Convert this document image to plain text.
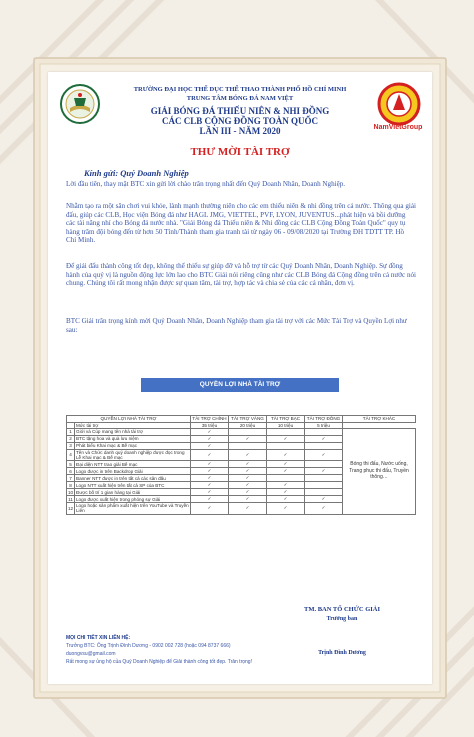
NamVietGroup
TRƯỜNG ĐẠI HỌC THỂ DỤC THỂ THAO THÀNH PHỐ HỒ CHÍ MINH
TRUNG TÂM BÓNG ĐÁ NAM VIỆT
GIẢI BÓNG ĐÁ THIẾU NIÊN & NHI ĐỒNG
CÁC CLB CỘNG ĐỒNG TOÀN QUỐC
LẦN III - NĂM 2020
THƯ MỜI TÀI TRỢ
Kính gửi: Quý Doanh Nghiệp
Lời đầu tiên, thay mặt BTC xin gửi lời chào trân trọng nhất đến Quý Doanh Nhân, Doanh Nghiệp.
Nhằm tạo ra một sân chơi vui khỏe, lành mạnh thường niên cho các em thiếu niên & nhi đồng trên cả nước. Thông qua giải đấu, giúp các CLB, Học viện Bóng đá như HAGL JMG, VIETTEL, PVF, LYON, JUVENTUS...phát hiện và bồi dưỡng các tài năng nhí cho Bóng đá nước nhà. "Giải Bóng đá Thiếu niên & Nhi đồng các CLB Cộng Đồng Toàn Quốc" quy tụ hàng trăm đội bóng đến từ hơn 50 Tỉnh/Thành tham gia tranh tài từ ngày 06 - 09/08/2020 tại Trường ĐH TDTT TP. Hồ Chí Minh.
Để giải đấu thành công tốt đẹp, không thể thiếu sự giúp đỡ và hỗ trợ từ các Quý Doanh Nhân, Doanh Nghiệp. Sự đồng hành của quý vị là nguồn động lực lớn lao cho BTC Giải nói riêng cũng như các CLB Bóng đá Cộng đồng trên cả nước nói chung. Chúng tôi rất mong nhận được sự quan tâm, tài trợ, hợp tác và chia sẻ của các cá nhân, đơn vị.
BTC Giải trân trọng kính mời Quý Doanh Nhân, Doanh Nghiệp tham gia tài trợ với các Mức Tài Trợ và Quyền Lợi như sau:
QUYỀN LỢI NHÀ TÀI TRỢ
QUYỀN LỢI NHÀ TÀI TRỢ		TÀI TRỢ CHÍNH	TÀI TRỢ VÀNG	TÀI TRỢ BẠC	TÀI TRỢ ĐỒNG	TÀI TRỢ KHÁC
	Mức tài trợ	35 triệu	20 triệu	10 triệu	5 triệu	
1	Giới và Cúp mang tên nhà tài trợ	✓				Bóng thi đấu, Nước uống, Trang phục thi đấu, Truyền thông…
2	BTC tặng hoa và quà lưu niệm	✓	✓	✓	✓	
3	Phát biểu Khai mạc & Bế mạc	✓				
4	Tên và Chức danh quý doanh nghiệp được đọc trong Lễ Khai mạc & Bế mạc	✓	✓	✓	✓	
5	Đại diện NTT trao giải Bế mạc	✓	✓	✓		
6	Logo được in trên Backdrop Giải	✓	✓	✓	✓	
7	Banner NTT được in trên tất cả các sân đấu	✓	✓			
8	Logo NTT xuất hiện trên tất cả SP của BTC	✓	✓	✓		
10	Được bố trí 1 gian hàng tại Giải	✓	✓	✓		
11	Logo được xuất hiện trong phóng sự Giải	✓	✓	✓	✓	
12	Logo hoặc sản phẩm xuất hiện trên YouTube và Truyền Liên	✓	✓	✓	✓	
MỌI CHI TIẾT XIN LIÊN HỆ:
Trưởng BTC: Ông Trịnh Đình Dương - 0902 002 728 (hoặc 094 8737 666)
duongvsu@gmail.com
Rất mong sự ủng hộ của Quý Doanh Nghiệp để Giải thành công tốt đẹp. Trân trọng!
TM. BAN TỔ CHỨC GIẢI
Trưởng ban
Trịnh Đình Dương
